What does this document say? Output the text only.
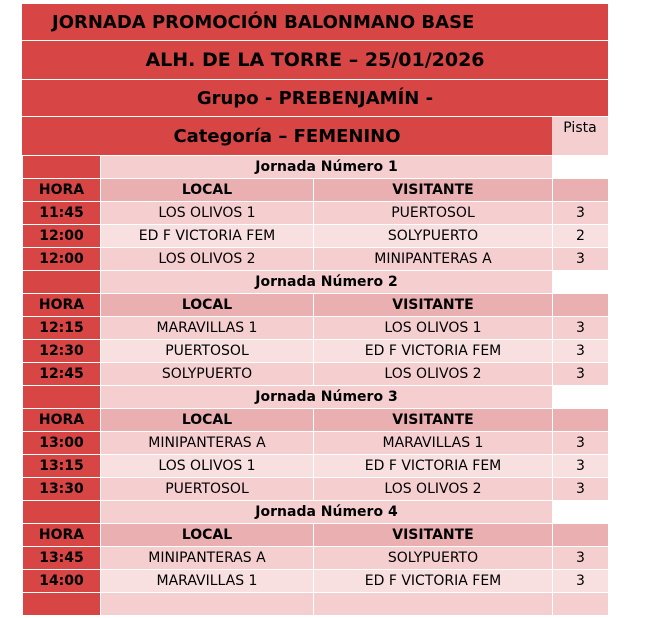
JORNADA PROMOCIÓN BALONMANO BASE
ALH. DE LA TORRE – 25/01/2026
Grupo - PREBENJAMÍN -
Categoría – FEMENINO	Pista
	Jornada Número 1		
HORA	LOCAL	VISITANTE	
11:45	LOS OLIVOS 1	PUERTOSOL	3
12:00	ED F VICTORIA FEM	SOLYPUERTO	2
12:00	LOS OLIVOS 2	MINIPANTERAS A	3
	Jornada Número 2		
HORA	LOCAL	VISITANTE	
12:15	MARAVILLAS 1	LOS OLIVOS 1	3
12:30	PUERTOSOL	ED F VICTORIA FEM	3
12:45	SOLYPUERTO	LOS OLIVOS 2	3
	Jornada Número 3		
HORA	LOCAL	VISITANTE	
13:00	MINIPANTERAS A	MARAVILLAS 1	3
13:15	LOS OLIVOS 1	ED F VICTORIA FEM	3
13:30	PUERTOSOL	LOS OLIVOS 2	3
	Jornada Número 4		
HORA	LOCAL	VISITANTE	
13:45	MINIPANTERAS A	SOLYPUERTO	3
14:00	MARAVILLAS 1	ED F VICTORIA FEM	3
